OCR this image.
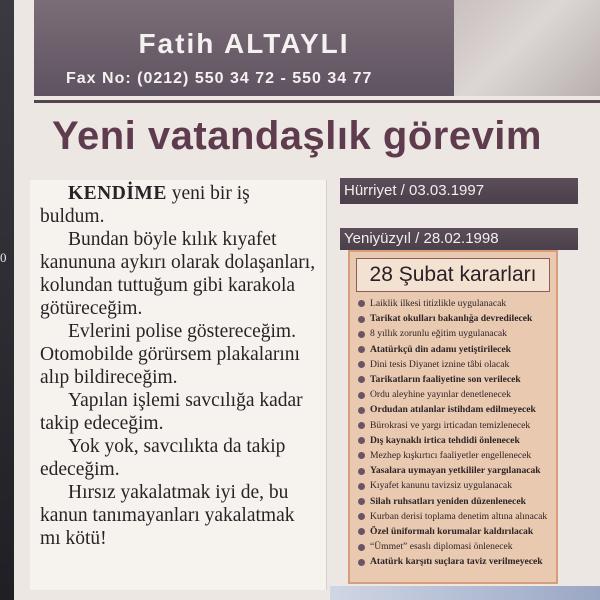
0
Fatih ALTAYLI
Fax No: (0212) 550 34 72 - 550 34 77
Yeni vatandaşlık görevim

KENDİME yeni bir iş buldum.

Bundan böyle kılık kıyafet kanununa aykırı olarak dolaşanları, kolundan tuttuğum gibi karakola götüreceğim.

Evlerini polise göstereceğim. Otomobilde görürsem plakalarını alıp bildireceğim.

Yapılan işlemi savcılığa kadar takip edeceğim.

Yok yok, savcılıkta da takip edeceğim.

Hırsız yakalatmak iyi de, bu kanun tanımayanları yakalatmak mı kötü!

Hürriyet / 03.03.1997
Yeniyüzyıl / 28.02.1998
28 Şubat kararları
Laiklik ilkesi titizlikle uygulanacak
Tarikat okulları bakanlığa devredilecek
8 yıllık zorunlu eğitim uygulanacak
Atatürkçü din adamı yetiştirilecek
Dini tesis Diyanet iznine tâbi olacak
Tarikatların faaliyetine son verilecek
Ordu aleyhine yayınlar denetlenecek
Ordudan atılanlar istihdam edilmeyecek
Bürokrasi ve yargı irticadan temizlenecek
Dış kaynaklı irtica tehdidi önlenecek
Mezhep kışkırtıcı faaliyetler engellenecek
Yasalara uymayan yetkililer yargılanacak
Kıyafet kanunu tavizsiz uygulanacak
Silah ruhsatları yeniden düzenlenecek
Kurban derisi toplama denetim altına alınacak
Özel üniformalı korumalar kaldırılacak
“Ümmet” esaslı diplomasi önlenecek
Atatürk karşıtı suçlara taviz verilmeyecek
